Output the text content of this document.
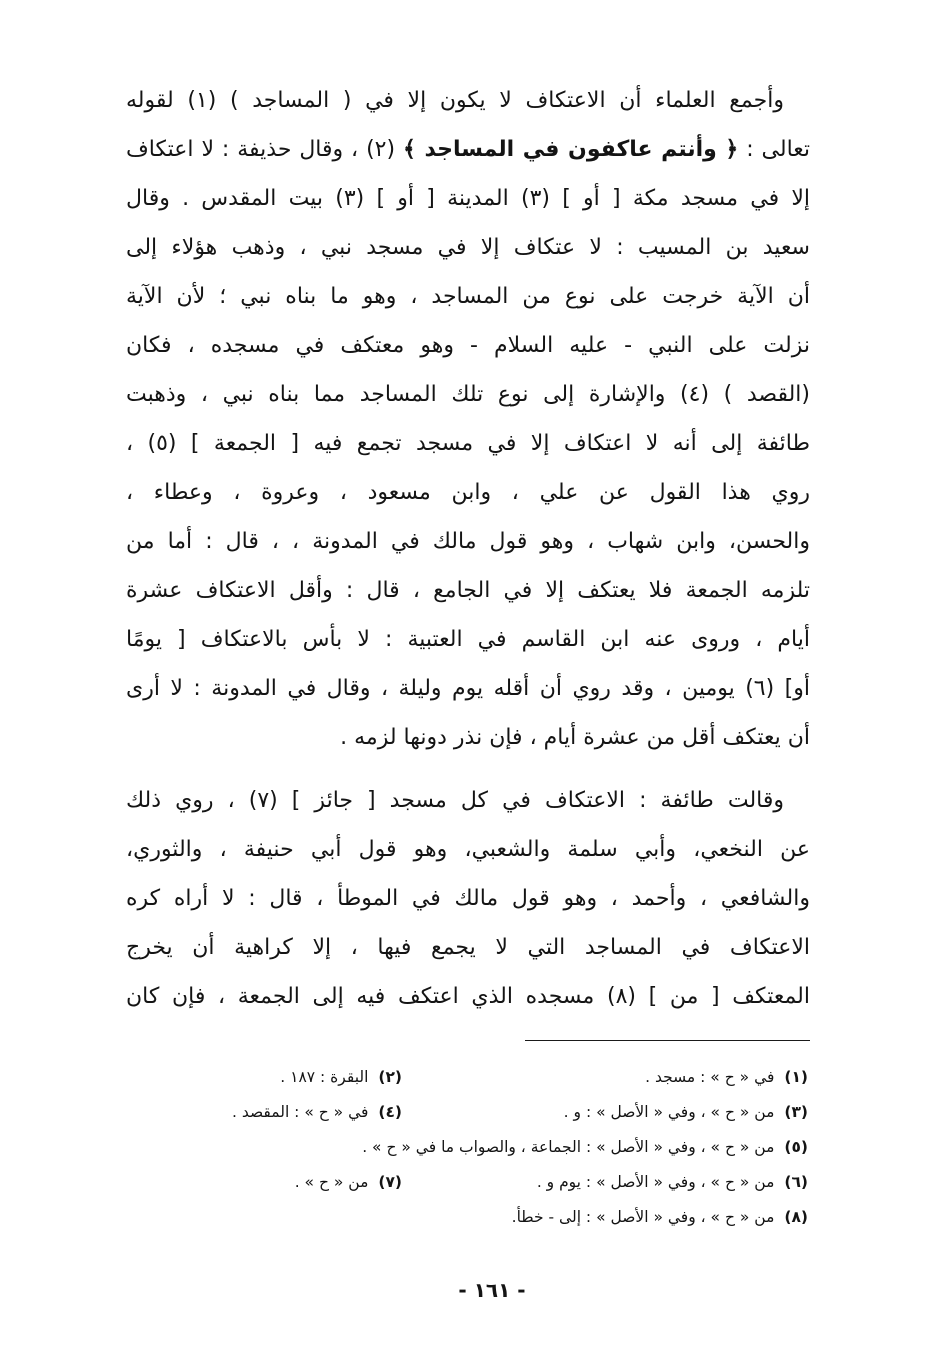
وأجمع العلماء أن الاعتكاف لا يكون إلا في ( المساجد ) (١) لقوله
تعالى : ﴿ وأنتم عاكفون في المساجد ﴾ (٢) ، وقال حذيفة : لا اعتكاف
إلا في مسجد مكة [ أو ] (٣) المدينة [ أو ] (٣) بيت المقدس . وقال
سعيد بن المسيب : لا عتكاف إلا في مسجد نبي ، وذهب هؤلاء إلى
أن الآية خرجت على نوع من المساجد ، وهو ما بناه نبي ؛ لأن الآية
نزلت على النبي - عليه السلام - وهو معتكف في مسجده ، فكان
(القصد ) (٤) والإشارة إلى نوع تلك المساجد مما بناه نبي ، وذهبت
طائفة إلى أنه لا اعتكاف إلا في مسجد تجمع فيه [ الجمعة ] (٥) ،
روي هذا القول عن علي ، وابن مسعود ، وعروة ، وعطاء ،
والحسن، وابن شهاب ، وهو قول مالك في المدونة ، ، قال : أما من
تلزمه الجمعة فلا يعتكف إلا في الجامع ، قال : وأقل الاعتكاف عشرة
أيام ، وروى عنه ابن القاسم في العتبية : لا بأس بالاعتكاف [ يومًا
أو] (٦) يومين ، وقد روي أن أقله يوم وليلة ، وقال في المدونة : لا أرى
أن يعتكف أقل من عشرة أيام ، فإن نذر دونها لزمه .
وقالت طائفة : الاعتكاف في كل مسجد [ جائز ] (٧) ، روي ذلك
عن النخعي، وأبي سلمة والشعبي، وهو قول أبي حنيفة ، والثوري،
والشافعي ، وأحمد ، وهو قول مالك في الموطأ ، قال : لا أراه كره
الاعتكاف في المساجد التي لا يجمع فيها ، إلا كراهية أن يخرج
المعتكف [ من ] (٨) مسجده الذي اعتكف فيه إلى الجمعة ، فإن كان
(١) في « ح » : مسجد .
(٢) البقرة : ١٨٧ .
(٣) من « ح » ، وفي « الأصل » : و .
(٤) في « ح » : المقصد .
(٥) من « ح » ، وفي « الأصل » : الجماعة ، والصواب ما في « ح » .
(٦) من « ح » ، وفي « الأصل » : يوم و .
(٧) من « ح » .
(٨) من « ح » ، وفي « الأصل » : إلى - خطأ.
- ١٦١ -
